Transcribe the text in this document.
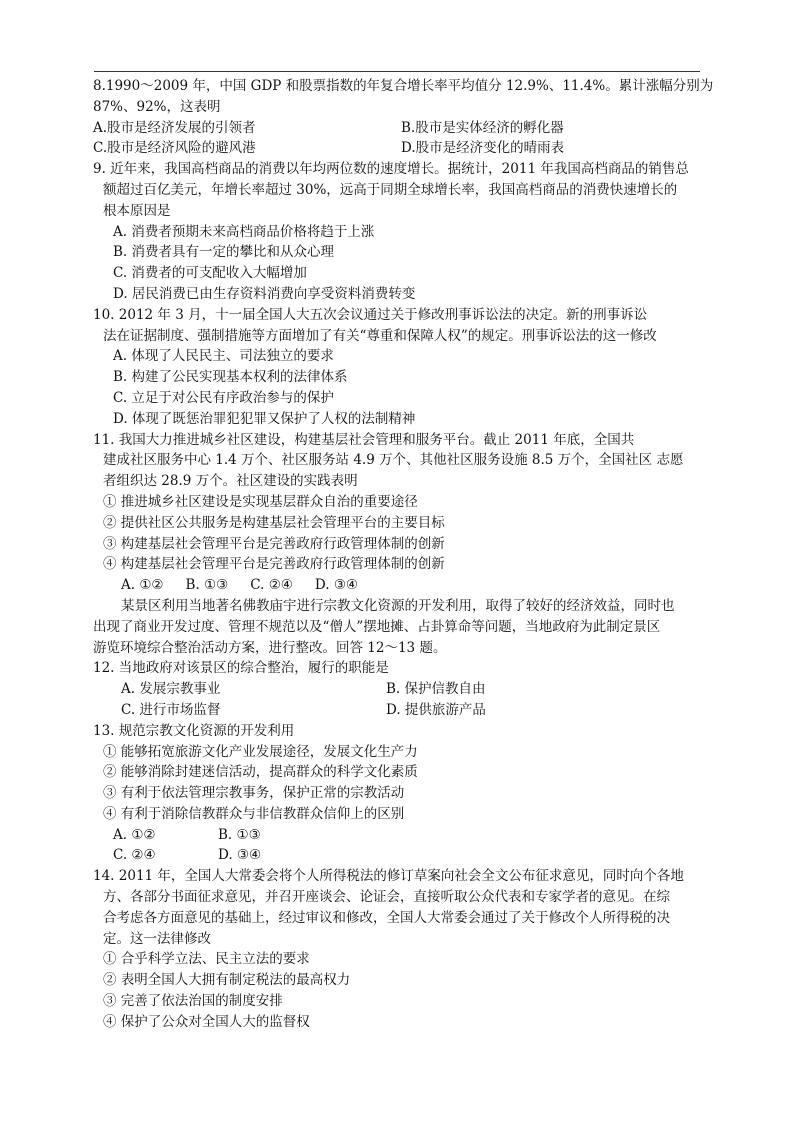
8.1990～2009 年，中国 GDP 和股票指数的年复合增长率平均值分 12.9%、11.4%。累计涨幅分别为
87%、92%，这表明
A.股市是经济发展的引领者	B.股市是实体经济的孵化器
C.股市是经济风险的避风港	D.股市是经济变化的晴雨表
9. 近年来，我国高档商品的消费以年均两位数的速度增长。据统计，2011 年我国高档商品的销售总
额超过百亿美元，年增长率超过 30%，远高于同期全球增长率，我国高档商品的消费快速增长的
根本原因是
A. 消费者预期未来高档商品价格将趋于上涨
B. 消费者具有一定的攀比和从众心理
C. 消费者的可支配收入大幅增加
D. 居民消费已由生存资料消费向享受资料消费转变
10. 2012 年 3 月，十一届全国人大五次会议通过关于修改刑事诉讼法的决定。新的刑事诉讼
法在证据制度、强制措施等方面增加了有关“尊重和保障人权”的规定。刑事诉讼法的这一修改
A. 体现了人民民主、司法独立的要求
B. 构建了公民实现基本权利的法律体系
C. 立足于对公民有序政治参与的保护
D. 体现了既惩治罪犯犯罪又保护了人权的法制精神
11. 我国大力推进城乡社区建设，构建基层社会管理和服务平台。截止 2011 年底，全国共
建成社区服务中心 1.4 万个、社区服务站 4.9 万个、其他社区服务设施 8.5 万个，全国社区 志愿
者组织达 28.9 万个。社区建设的实践表明
① 推进城乡社区建设是实现基层群众自治的重要途径
② 提供社区公共服务是构建基层社会管理平台的主要目标
③ 构建基层社会管理平台是完善政府行政管理体制的创新
④ 构建基层社会管理平台是完善政府行政管理体制的创新
A. ①② B. ①③ C. ②④ D. ③④
某景区利用当地著名佛教庙宇进行宗教文化资源的开发利用，取得了较好的经济效益，同时也
出现了商业开发过度、管理不规范以及“僧人”摆地摊、占卦算命等问题，当地政府为此制定景区
游览环境综合整治活动方案，进行整改。回答 12～13 题。
12. 当地政府对该景区的综合整治，履行的职能是
A. 发展宗教事业	B. 保护信教自由
C. 进行市场监督	D. 提供旅游产品
13. 规范宗教文化资源的开发利用
① 能够拓宽旅游文化产业发展途径，发展文化生产力
② 能够消除封建迷信活动，提高群众的科学文化素质
③ 有利于依法管理宗教事务，保护正常的宗教活动
④ 有利于消除信教群众与非信教群众信仰上的区别
A. ①②	B. ①③
C. ②④	D. ③④
14. 2011 年，全国人大常委会将个人所得税法的修订草案向社会全文公布征求意见，同时向个各地
方、各部分书面征求意见，并召开座谈会、论证会，直接听取公众代表和专家学者的意见。在综
合考虑各方面意见的基础上，经过审议和修改，全国人大常委会通过了关于修改个人所得税的决
定。这一法律修改
① 合乎科学立法、民主立法的要求
② 表明全国人大拥有制定税法的最高权力
③ 完善了依法治国的制度安排
④ 保护了公众对全国人大的监督权
